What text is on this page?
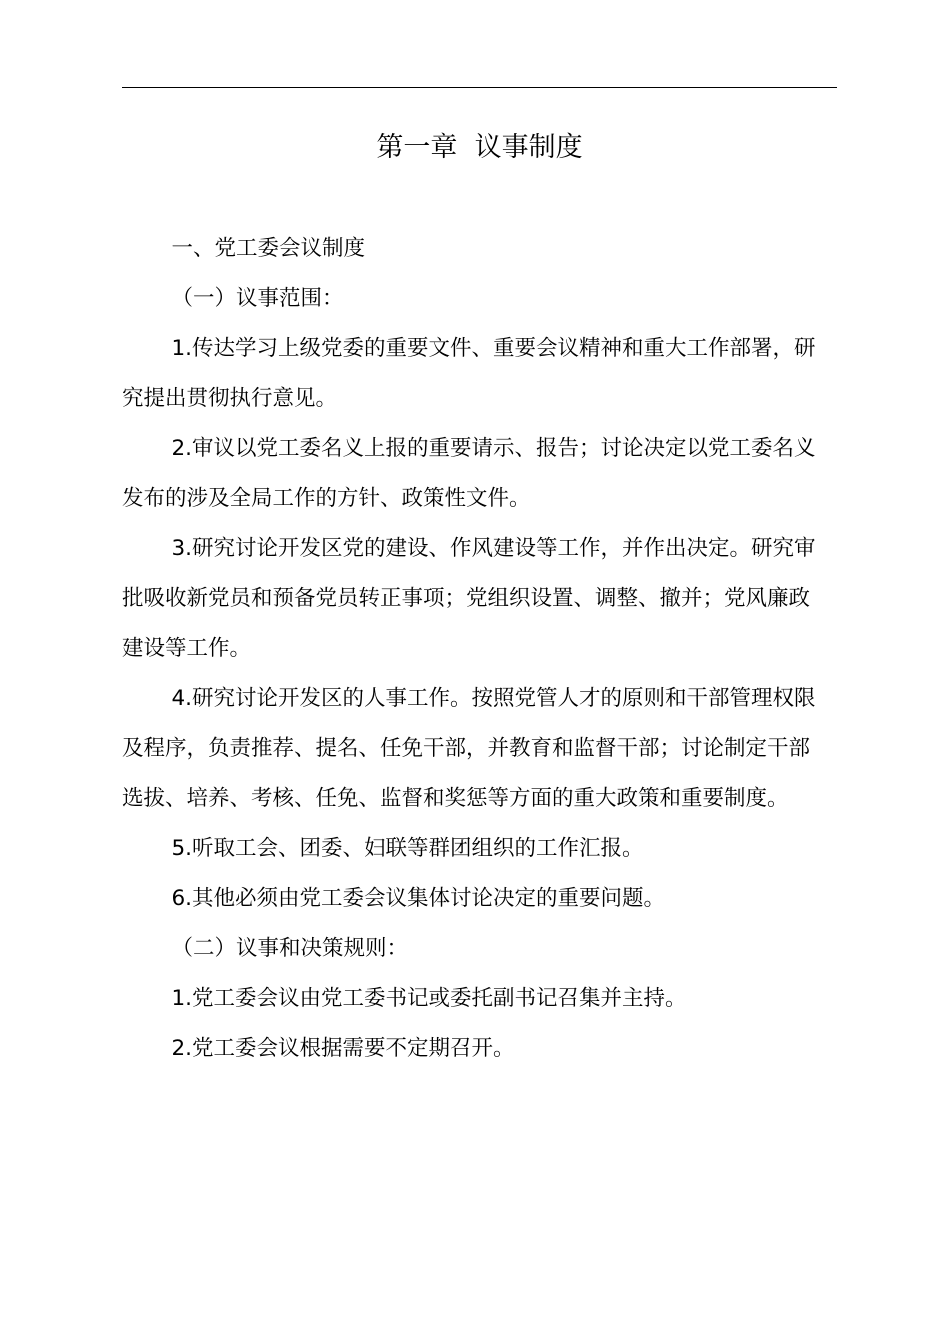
第一章  议事制度

一、党工委会议制度

（一）议事范围：

1.传达学习上级党委的重要文件、重要会议精神和重大工作部署，研究提出贯彻执行意见。

2.审议以党工委名义上报的重要请示、报告；讨论决定以党工委名义发布的涉及全局工作的方针、政策性文件。

3.研究讨论开发区党的建设、作风建设等工作，并作出决定。研究审批吸收新党员和预备党员转正事项；党组织设置、调整、撤并；党风廉政建设等工作。

4.研究讨论开发区的人事工作。按照党管人才的原则和干部管理权限及程序，负责推荐、提名、任免干部，并教育和监督干部；讨论制定干部选拔、培养、考核、任免、监督和奖惩等方面的重大政策和重要制度。

5.听取工会、团委、妇联等群团组织的工作汇报。

6.其他必须由党工委会议集体讨论决定的重要问题。

（二）议事和决策规则：

1.党工委会议由党工委书记或委托副书记召集并主持。

2.党工委会议根据需要不定期召开。
